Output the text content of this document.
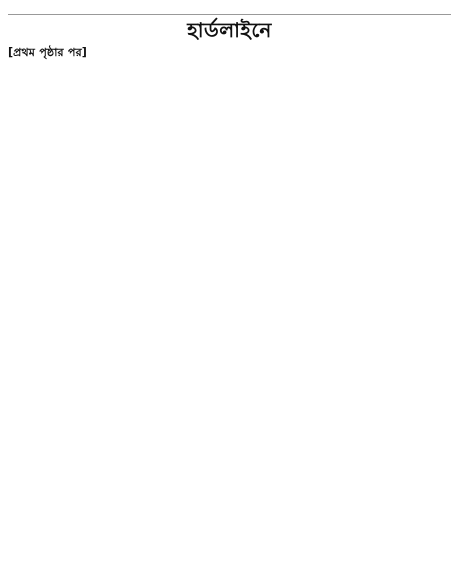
হার্ডলাইনে

[প্রথম পৃষ্ঠার পর]
